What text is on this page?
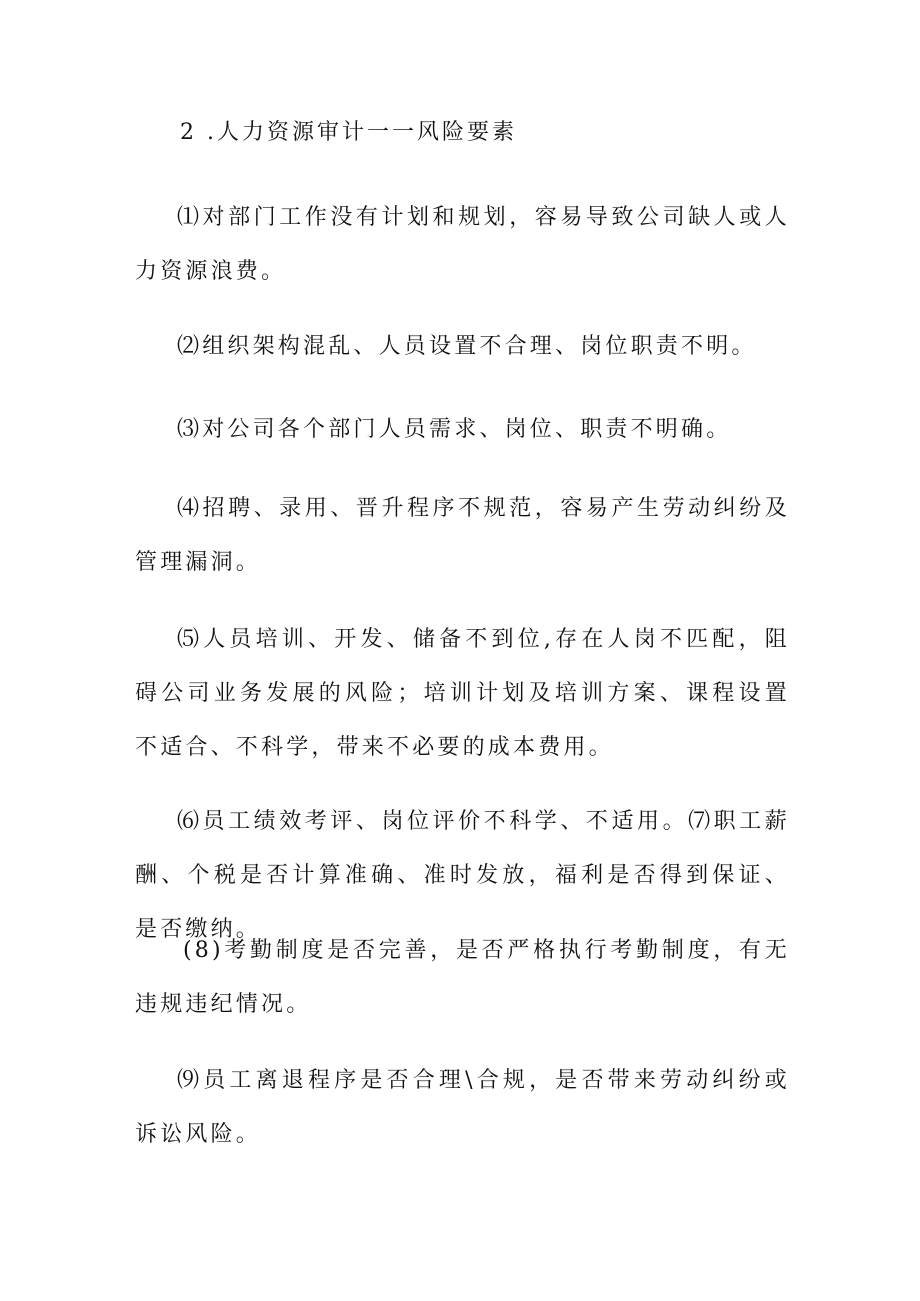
2 .人力资源审计一一风险要素

⑴对部门工作没有计划和规划，容易导致公司缺人或人力资源浪费。

⑵组织架构混乱、人员设置不合理、岗位职责不明。

⑶对公司各个部门人员需求、岗位、职责不明确。

⑷招聘、录用、晋升程序不规范，容易产生劳动纠纷及管理漏洞。

⑸人员培训、开发、储备不到位,存在人岗不匹配，阻碍公司业务发展的风险；培训计划及培训方案、课程设置不适合、不科学，带来不必要的成本费用。

⑹员工绩效考评、岗位评价不科学、不适用。⑺职工薪酬、个税是否计算准确、准时发放，福利是否得到保证、是否缴纳。

(8)考勤制度是否完善，是否严格执行考勤制度，有无违规违纪情况。

⑼员工离退程序是否合理\合规，是否带来劳动纠纷或诉讼风险。
